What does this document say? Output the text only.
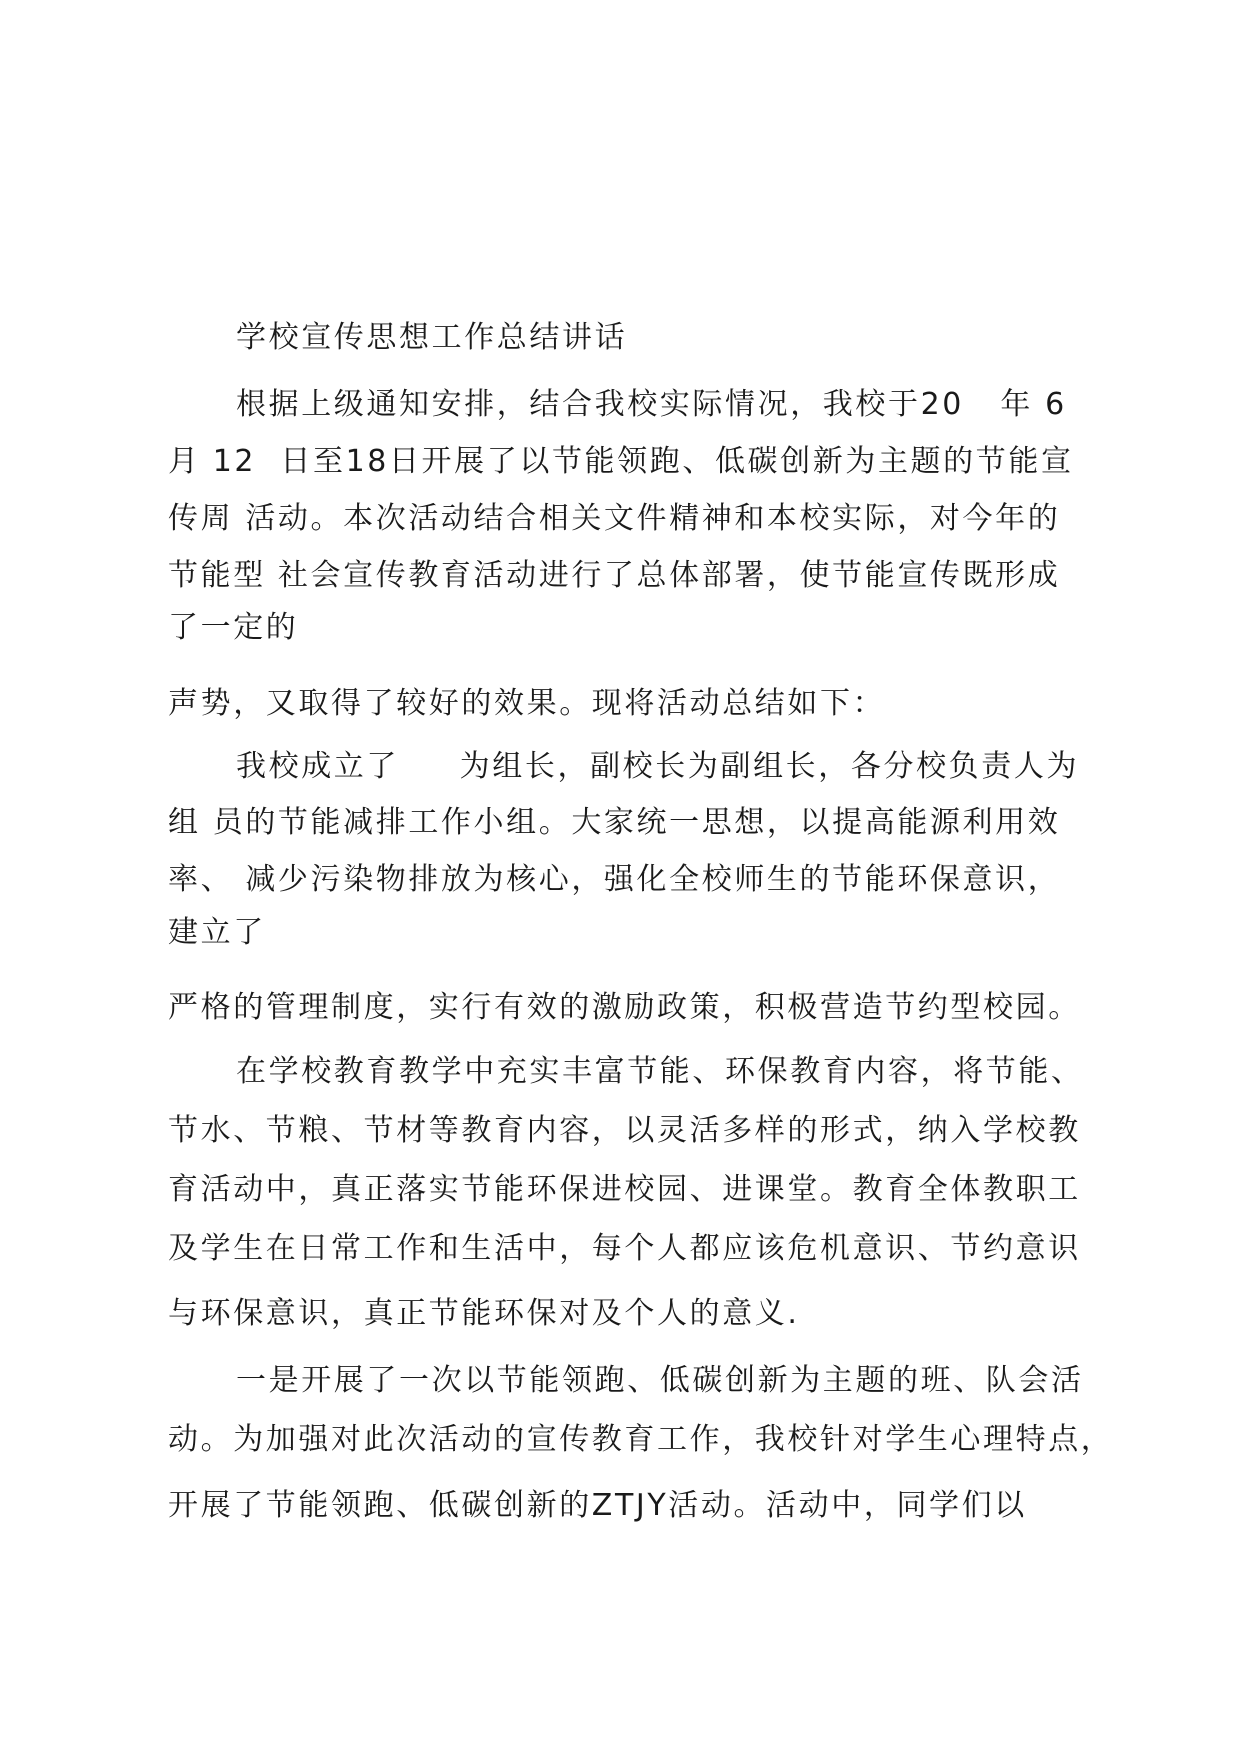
学校宣传思想工作总结讲话
根据上级通知安排，结合我校实际情况，我校于20   年 6
月 12  日至18日开展了以节能领跑、低碳创新为主题的节能宣
传周 活动。本次活动结合相关文件精神和本校实际，对今年的
节能型 社会宣传教育活动进行了总体部署，使节能宣传既形成
了一定的
声势，又取得了较好的效果。现将活动总结如下：
我校成立了     为组长，副校长为副组长，各分校负责人为
组 员的节能减排工作小组。大家统一思想，以提高能源利用效
率、 减少污染物排放为核心，强化全校师生的节能环保意识，
建立了
严格的管理制度，实行有效的激励政策，积极营造节约型校园。
在学校教育教学中充实丰富节能、环保教育内容，将节能、
节水、节粮、节材等教育内容，以灵活多样的形式，纳入学校教
育活动中，真正落实节能环保进校园、进课堂。教育全体教职工
及学生在日常工作和生活中，每个人都应该危机意识、节约意识
与环保意识，真正节能环保对及个人的意义.
一是开展了一次以节能领跑、低碳创新为主题的班、队会活
动。为加强对此次活动的宣传教育工作，我校针对学生心理特点，
开展了节能领跑、低碳创新的ZTJY活动。活动中，同学们以
